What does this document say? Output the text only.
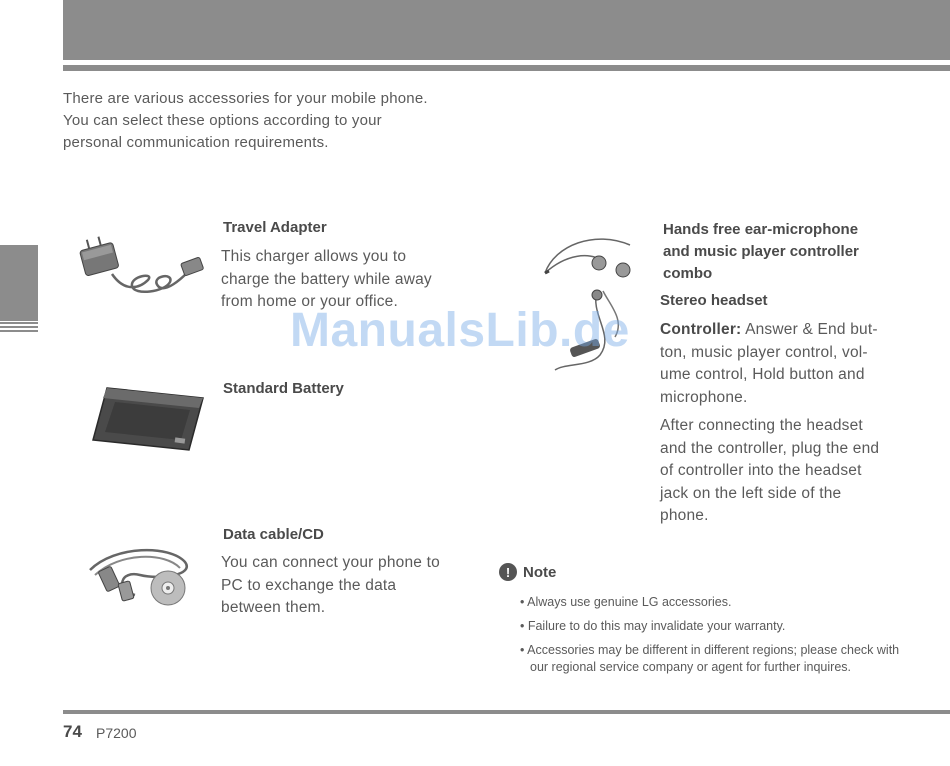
There are various accessories for your mobile phone.

You can select these options according to your

personal communication requirements.

Travel Adapter

This charger allows you to

charge the battery while away

from home or your office.

Standard Battery
Data cable/CD

You can connect your phone to

PC to exchange the data

between them.

Hands free ear-microphone
and music player controller
combo
Stereo headset

Controller: Answer & End but-

ton, music player control, vol-

ume control, Hold button and

microphone.

After connecting the headset

and the controller, plug the end

of controller into the headset

jack on the left side of the

phone.

! Note
• Always use genuine LG accessories.
• Failure to do this may invalidate your warranty.
• Accessories may be different in different regions; please check with our regional service company or agent for further inquires.
74 P7200
ManualsLib.de
